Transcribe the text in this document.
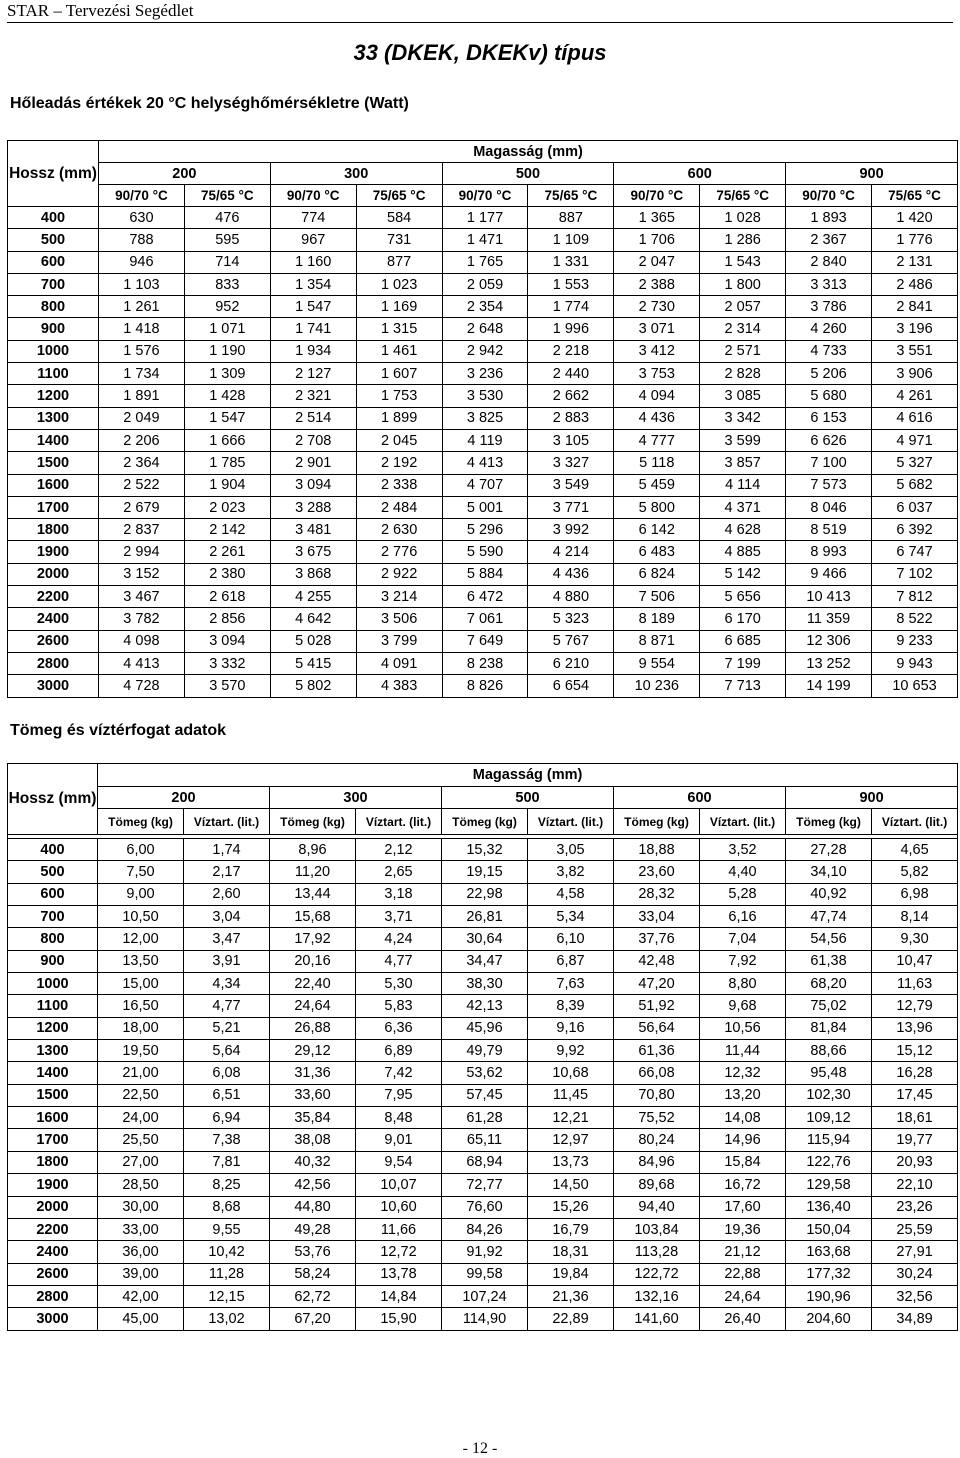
STAR – Tervezési Segédlet
33 (DKEK, DKEKv) típus
Hőleadás értékek 20 °C helységhőmérsékletre (Watt)
Hossz (mm)	Magasság (mm)									
	200		300		500		600		900	
	90/70 °C	75/65 °C	90/70 °C	75/65 °C	90/70 °C	75/65 °C	90/70 °C	75/65 °C	90/70 °C	75/65 °C
400	630	476	774	584	1 177	887	1 365	1 028	1 893	1 420
500	788	595	967	731	1 471	1 109	1 706	1 286	2 367	1 776
600	946	714	1 160	877	1 765	1 331	2 047	1 543	2 840	2 131
700	1 103	833	1 354	1 023	2 059	1 553	2 388	1 800	3 313	2 486
800	1 261	952	1 547	1 169	2 354	1 774	2 730	2 057	3 786	2 841
900	1 418	1 071	1 741	1 315	2 648	1 996	3 071	2 314	4 260	3 196
1000	1 576	1 190	1 934	1 461	2 942	2 218	3 412	2 571	4 733	3 551
1100	1 734	1 309	2 127	1 607	3 236	2 440	3 753	2 828	5 206	3 906
1200	1 891	1 428	2 321	1 753	3 530	2 662	4 094	3 085	5 680	4 261
1300	2 049	1 547	2 514	1 899	3 825	2 883	4 436	3 342	6 153	4 616
1400	2 206	1 666	2 708	2 045	4 119	3 105	4 777	3 599	6 626	4 971
1500	2 364	1 785	2 901	2 192	4 413	3 327	5 118	3 857	7 100	5 327
1600	2 522	1 904	3 094	2 338	4 707	3 549	5 459	4 114	7 573	5 682
1700	2 679	2 023	3 288	2 484	5 001	3 771	5 800	4 371	8 046	6 037
1800	2 837	2 142	3 481	2 630	5 296	3 992	6 142	4 628	8 519	6 392
1900	2 994	2 261	3 675	2 776	5 590	4 214	6 483	4 885	8 993	6 747
2000	3 152	2 380	3 868	2 922	5 884	4 436	6 824	5 142	9 466	7 102
2200	3 467	2 618	4 255	3 214	6 472	4 880	7 506	5 656	10 413	7 812
2400	3 782	2 856	4 642	3 506	7 061	5 323	8 189	6 170	11 359	8 522
2600	4 098	3 094	5 028	3 799	7 649	5 767	8 871	6 685	12 306	9 233
2800	4 413	3 332	5 415	4 091	8 238	6 210	9 554	7 199	13 252	9 943
3000	4 728	3 570	5 802	4 383	8 826	6 654	10 236	7 713	14 199	10 653
Tömeg és víztérfogat adatok
Hossz (mm)	Magasság (mm)									
	200		300		500		600		900	
	Tömeg (kg)	Víztart. (lit.)	Tömeg (kg)	Víztart. (lit.)	Tömeg (kg)	Víztart. (lit.)	Tömeg (kg)	Víztart. (lit.)	Tömeg (kg)	Víztart. (lit.)

400	6,00	1,74	8,96	2,12	15,32	3,05	18,88	3,52	27,28	4,65
500	7,50	2,17	11,20	2,65	19,15	3,82	23,60	4,40	34,10	5,82
600	9,00	2,60	13,44	3,18	22,98	4,58	28,32	5,28	40,92	6,98
700	10,50	3,04	15,68	3,71	26,81	5,34	33,04	6,16	47,74	8,14
800	12,00	3,47	17,92	4,24	30,64	6,10	37,76	7,04	54,56	9,30
900	13,50	3,91	20,16	4,77	34,47	6,87	42,48	7,92	61,38	10,47
1000	15,00	4,34	22,40	5,30	38,30	7,63	47,20	8,80	68,20	11,63
1100	16,50	4,77	24,64	5,83	42,13	8,39	51,92	9,68	75,02	12,79
1200	18,00	5,21	26,88	6,36	45,96	9,16	56,64	10,56	81,84	13,96
1300	19,50	5,64	29,12	6,89	49,79	9,92	61,36	11,44	88,66	15,12
1400	21,00	6,08	31,36	7,42	53,62	10,68	66,08	12,32	95,48	16,28
1500	22,50	6,51	33,60	7,95	57,45	11,45	70,80	13,20	102,30	17,45
1600	24,00	6,94	35,84	8,48	61,28	12,21	75,52	14,08	109,12	18,61
1700	25,50	7,38	38,08	9,01	65,11	12,97	80,24	14,96	115,94	19,77
1800	27,00	7,81	40,32	9,54	68,94	13,73	84,96	15,84	122,76	20,93
1900	28,50	8,25	42,56	10,07	72,77	14,50	89,68	16,72	129,58	22,10
2000	30,00	8,68	44,80	10,60	76,60	15,26	94,40	17,60	136,40	23,26
2200	33,00	9,55	49,28	11,66	84,26	16,79	103,84	19,36	150,04	25,59
2400	36,00	10,42	53,76	12,72	91,92	18,31	113,28	21,12	163,68	27,91
2600	39,00	11,28	58,24	13,78	99,58	19,84	122,72	22,88	177,32	30,24
2800	42,00	12,15	62,72	14,84	107,24	21,36	132,16	24,64	190,96	32,56
3000	45,00	13,02	67,20	15,90	114,90	22,89	141,60	26,40	204,60	34,89
- 12 -
